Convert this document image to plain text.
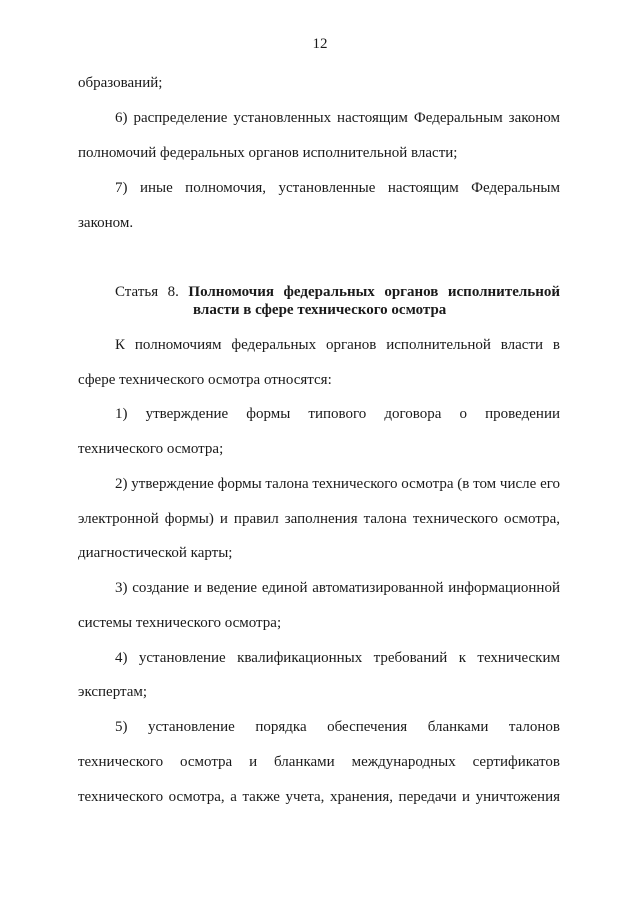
12
образований;
6) распределение установленных настоящим Федеральным законом
полномочий федеральных органов исполнительной власти;
7) иные полномочия, установленные настоящим Федеральным
законом.
Статья 8. Полномочия федеральных органов исполнительной
власти в сфере технического осмотра
К полномочиям федеральных органов исполнительной власти в
сфере технического осмотра относятся:
1) утверждение формы типового договора о проведении
технического осмотра;
2) утверждение формы талона технического осмотра (в том числе его
электронной формы) и правил заполнения талона технического осмотра,
диагностической карты;
3) создание и ведение единой автоматизированной информационной
системы технического осмотра;
4) установление квалификационных требований к техническим
экспертам;
5) установление порядка обеспечения бланками талонов
технического осмотра и бланками международных сертификатов
технического осмотра, а также учета, хранения, передачи и уничтожения
